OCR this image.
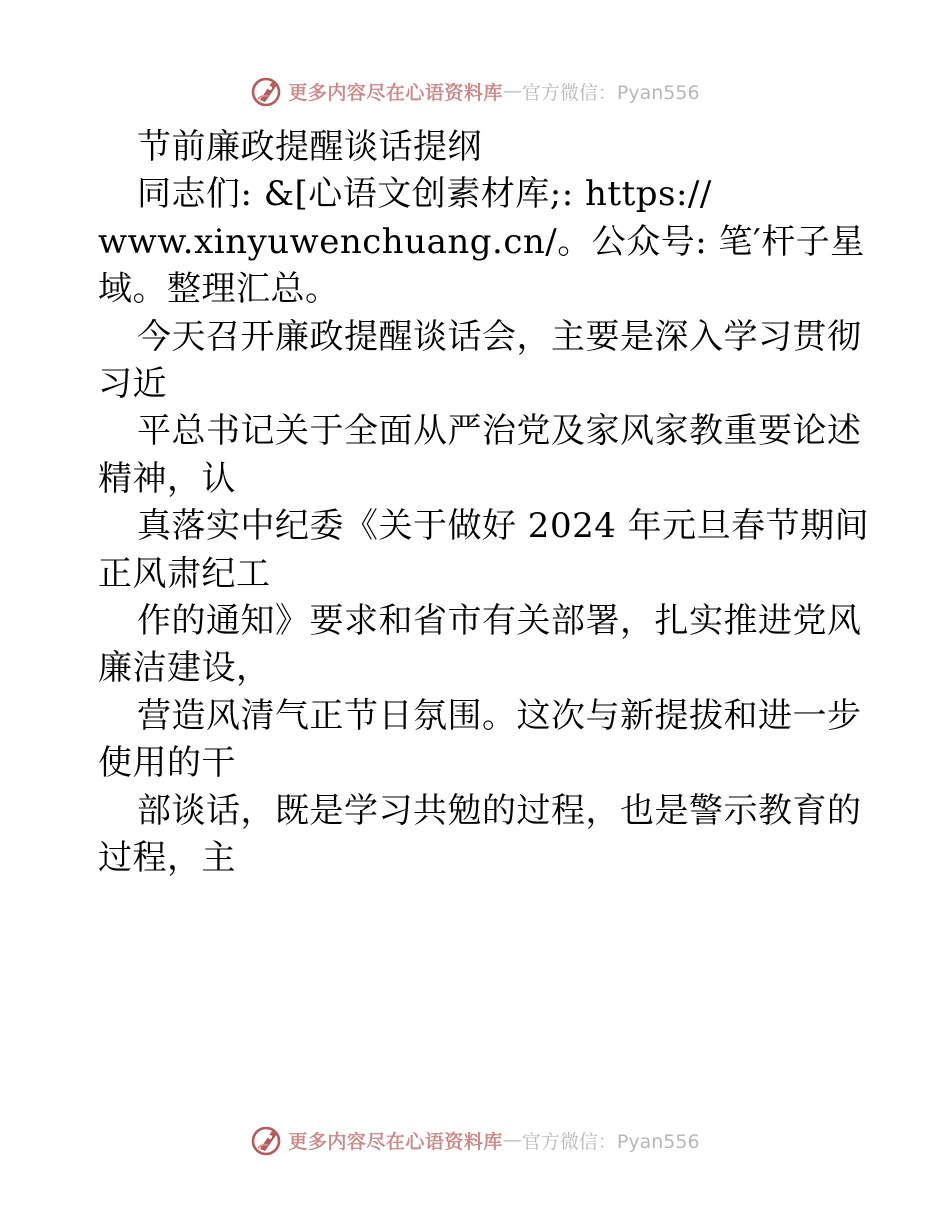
更多内容尽在心语资料库 — 官方微信：Pyan556
节前廉政提醒谈话提纲
同志们: &[心语文创素材库;: https://
www.xinyuwenchuang.cn/。公众号: 笔′杆子星
域。整理汇总。
今天召开廉政提醒谈话会，主要是深入学习贯彻
习近
平总书记关于全面从严治党及家风家教重要论述
精神，认
真落实中纪委《关于做好 2024 年元旦春节期间
正风肃纪工
作的通知》要求和省市有关部署，扎实推进党风
廉洁建设，
营造风清气正节日氛围。这次与新提拔和进一步
使用的干
部谈话，既是学习共勉的过程，也是警示教育的
过程，主
更多内容尽在心语资料库 — 官方微信：Pyan556
